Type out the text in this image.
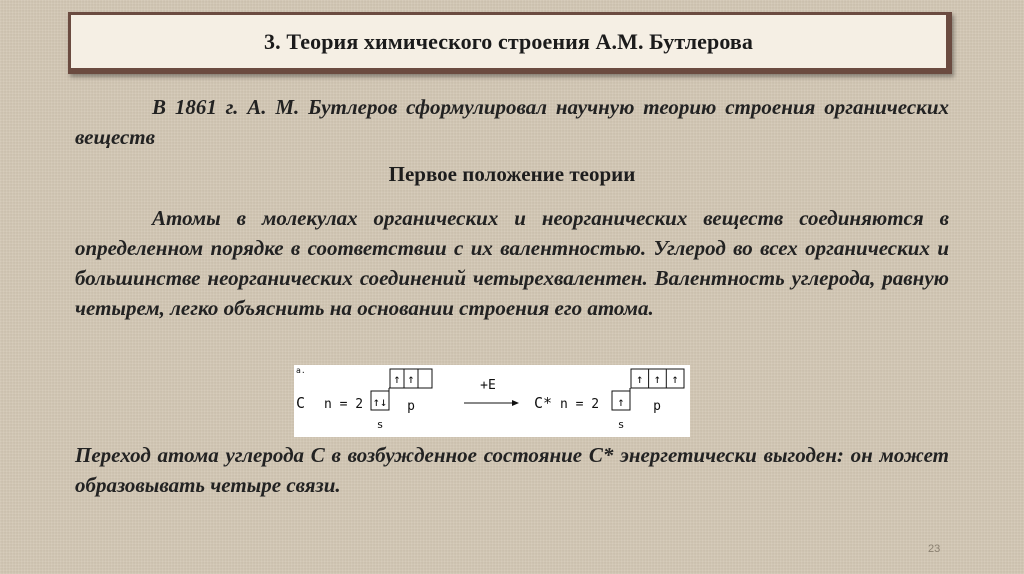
3. Теория химического строения А.М. Бутлерова
В 1861 г. А. М. Бутлеров сформулировал научную теорию строения органических веществ
Первое положение теории
Атомы в молекулах органических и неорганических веществ соединяются в определенном порядке в соответствии с их валентностью. Углерод во всех органических и большинстве неорганических соединений четырехвалентен. Валентность углерода, равную четырем, легко объяснить на основании строения его атома.
а.
C n = 2 ↑↓
↑ ↑
s
p
+E
C* n = 2 ↑
↑ ↑ ↑
s
p
Переход атома углерода С в возбужденное состояние С* энергетически выгоден: он может образовывать четыре связи.
23
